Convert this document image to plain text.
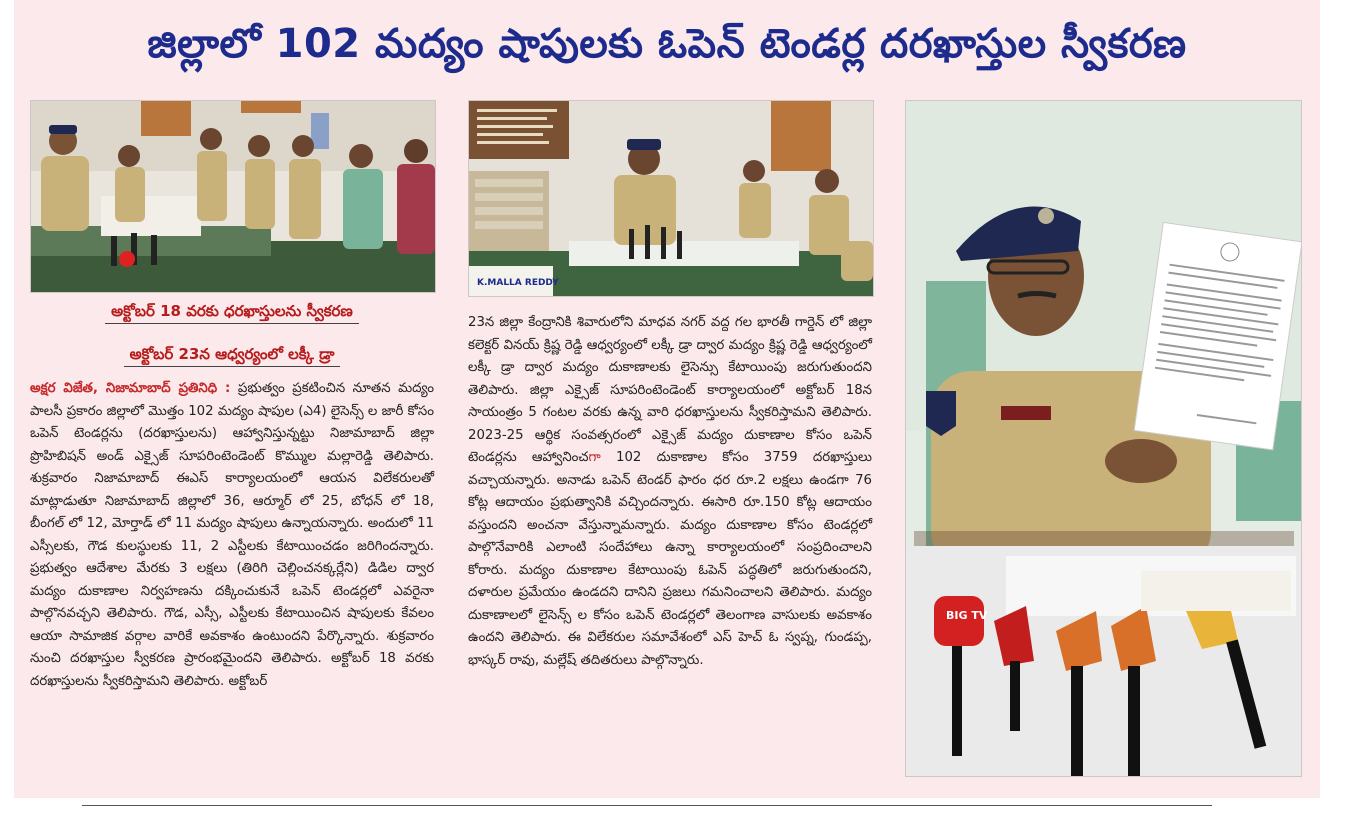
జిల్లాలో 102 మద్యం షాపులకు ఓపెన్ టెండర్ల దరఖాస్తుల స్వీకరణ
K.MALLA REDDY
BIG TV
అక్టోబర్ 18 వరకు ధరఖాస్తులను స్వీకరణ
అక్టోబర్ 23న ఆధ్వర్యంలో లక్కీ డ్రా

అక్షర విజేత, నిజామాబాద్ ప్రతినిధి : ప్రభుత్వం ప్రకటించిన నూతన మద్యం పాలసీ ప్రకారం జిల్లాలో మొత్తం 102 మద్యం షాపుల (ఎ4) లైసెన్స్ ల జారీ కోసం ఒపెన్ టెండర్లను (దరఖాస్తులను) ఆహ్వానిస్తున్నట్టు నిజామాబాద్ జిల్లా ప్రొహిబిషన్ అండ్ ఎక్సైజ్ సూపరింటెండెంట్ కొమ్ముల మల్లారెడ్డి తెలిపారు. శుక్రవారం నిజామాబాద్ ఈఎస్ కార్యాలయంలో ఆయన విలేకరులతో మాట్లాడుతూ నిజామాబాద్ జిల్లాలో 36, ఆర్మూర్ లో 25, బోధన్ లో 18, బీంగల్ లో 12, మోర్తాడ్ లో 11 మద్యం షాపులు ఉన్నాయన్నారు. అందులో 11 ఎస్సీలకు, గౌడ కులస్థులకు 11, 2 ఎస్టీలకు కేటాయించడం జరిగిందన్నారు. ప్రభుత్వం ఆదేశాల మేరకు 3 లక్షలు (తిరిగి చెల్లించనక్కర్లేని) డిడిల ద్వార మద్యం దుకాణాల నిర్వహణను దక్కించుకునే ఒపెన్ టెండర్లలో ఎవరైనా పాల్గొనవచ్చని తెలిపారు. గౌడ, ఎస్సీ, ఎస్టీలకు కేటాయించిన షాపులకు కేవలం ఆయా సామాజిక వర్గాల వారికే అవకాశం ఉంటుందని పేర్కొన్నారు. శుక్రవారం నుంచి దరఖాస్తుల స్వీకరణ ప్రారంభమైందని తెలిపారు. అక్టోబర్ 18 వరకు దరఖాస్తులను స్వీకరిస్తామని తెలిపారు. అక్టోబర్

23న జిల్లా కేంద్రానికి శివారులోని మాధవ నగర్ వద్ద గల భారతీ గార్డెన్ లో జిల్లా కలెక్టర్ వినయ్ క్రిష్ణ రెడ్డి ఆధ్వర్యంలో లక్కీ డ్రా ద్వార మద్యం క్రిష్ణ రెడ్డి ఆధ్వర్యంలో లక్కీ డ్రా ద్వార మద్యం దుకాణాలకు లైసెన్సు కేటాయింపు జరుగుతుందని తెలిపారు. జిల్లా ఎక్సైజ్ సూపరింటెండెంట్ కార్యాలయంలో అక్టోబర్ 18న సాయంత్రం 5 గంటల వరకు ఉన్న వారి ధరఖాస్తులను స్వీకరిస్తామని తెలిపారు. 2023-25 ఆర్థిక సంవత్సరంలో ఎక్సైజ్ మద్యం దుకాణాల కోసం ఒపెన్ టెండర్లను ఆహ్వానించగా 102 దుకాణాల కోసం 3759 దరఖాస్తులు వచ్చాయన్నారు. అనాడు ఒపెన్ టెండర్ ఫారం ధర రూ.2 లక్షలు ఉండగా 76 కోట్ల ఆదాయం ప్రభుత్వానికి వచ్చిందన్నారు. ఈసారి రూ.150 కోట్ల ఆదాయం వస్తుందని అంచనా వేస్తున్నామన్నారు. మద్యం దుకాణాల కోసం టెండర్లలో పాల్గొనేవారికి ఎలాంటి సందేహాలు ఉన్నా కార్యాలయంలో సంప్రదించాలని కోరారు. మద్యం దుకాణాల కేటాయింపు ఓపెన్ పద్ధతిలో జరుగుతుందని, దళారుల ప్రమేయం ఉండదని దానిని ప్రజలు గమనించాలని తెలిపారు. మద్యం దుకాణాలలో లైసెన్స్ ల కోసం ఒపెన్ టెండర్లలో తెలంగాణ వాసులకు అవకాశం ఉందని తెలిపారు. ఈ విలేకరుల సమావేశంలో ఎస్ హెచ్ ఓ స్వప్న, గుండప్ప, భాస్కర్ రావు, మల్లేష్ తదితరులు పాల్గొన్నారు.
